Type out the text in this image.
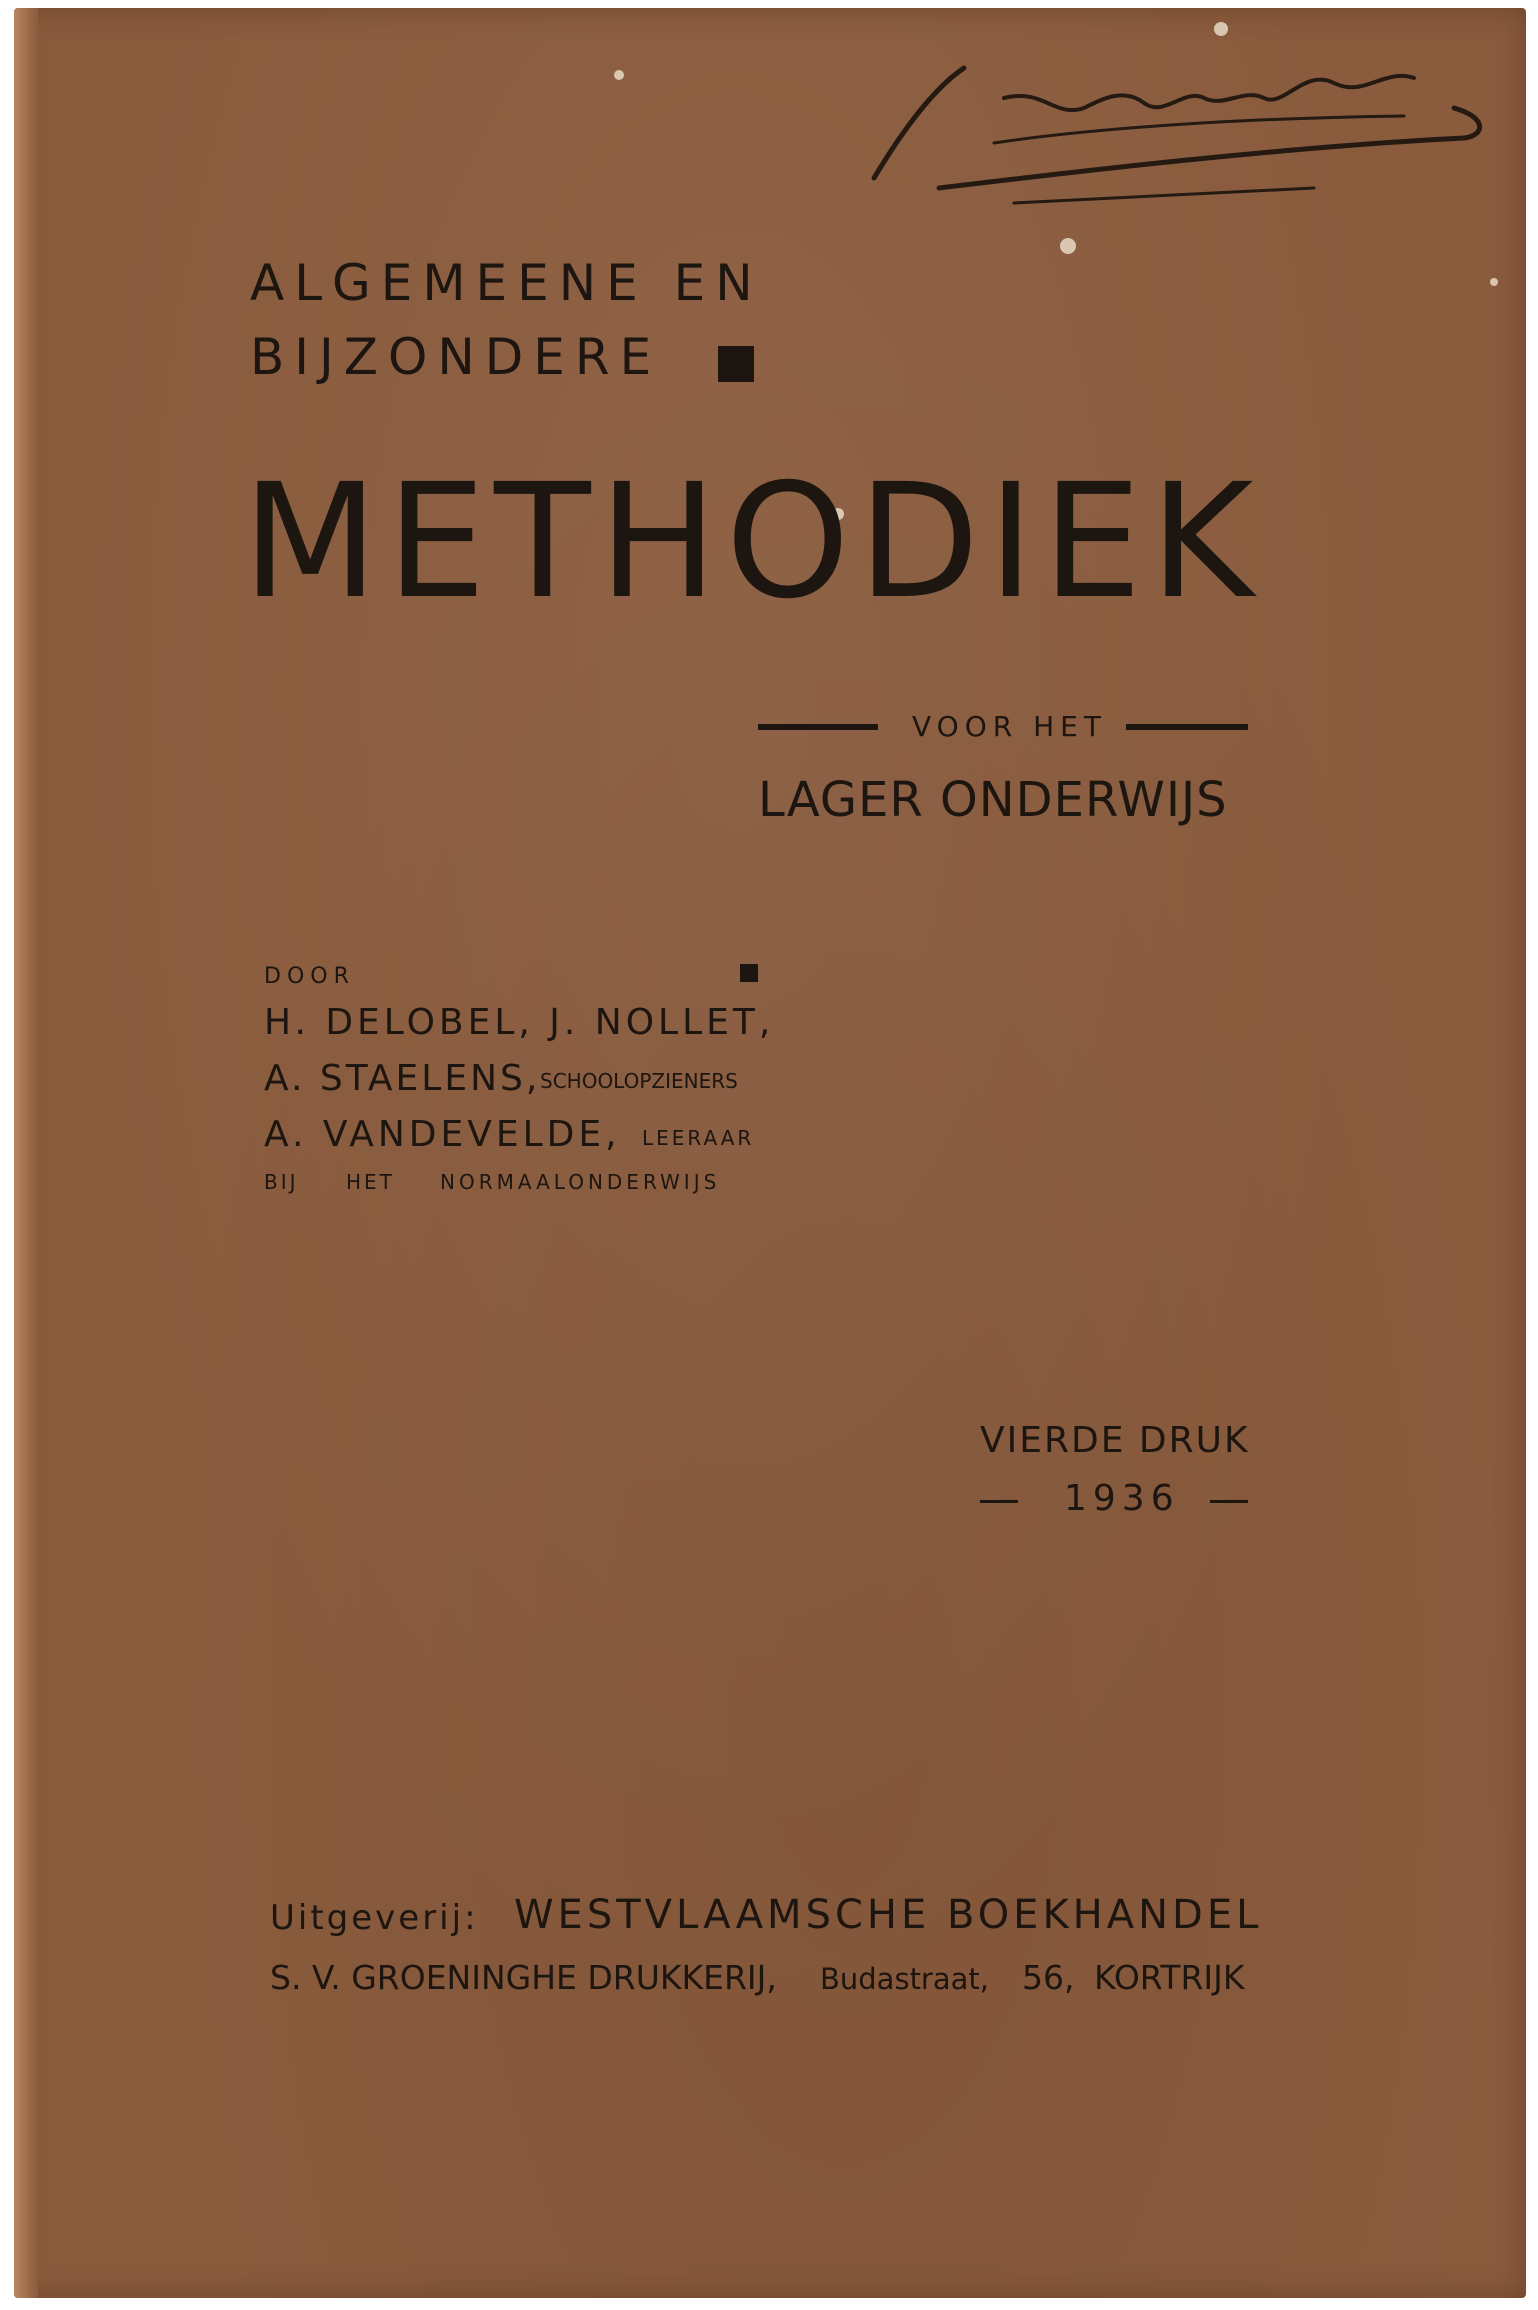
ALGEMEENE EN
BIJZONDERE
METHODIEK
VOOR HET
LAGER ONDERWIJS
DOOR
H. DELOBEL, J. NOLLET,
A. STAELENS, SCHOOLOPZIENERS
A. VANDEVELDE, LEERAAR
BIJ HET NORMAALONDERWIJS
VIERDE DRUK
1936
Uitgeverij: WESTVLAAMSCHE BOEKHANDEL
S. V. GROENINGHE DRUKKERIJ, Budastraat, 56, KORTRIJK
